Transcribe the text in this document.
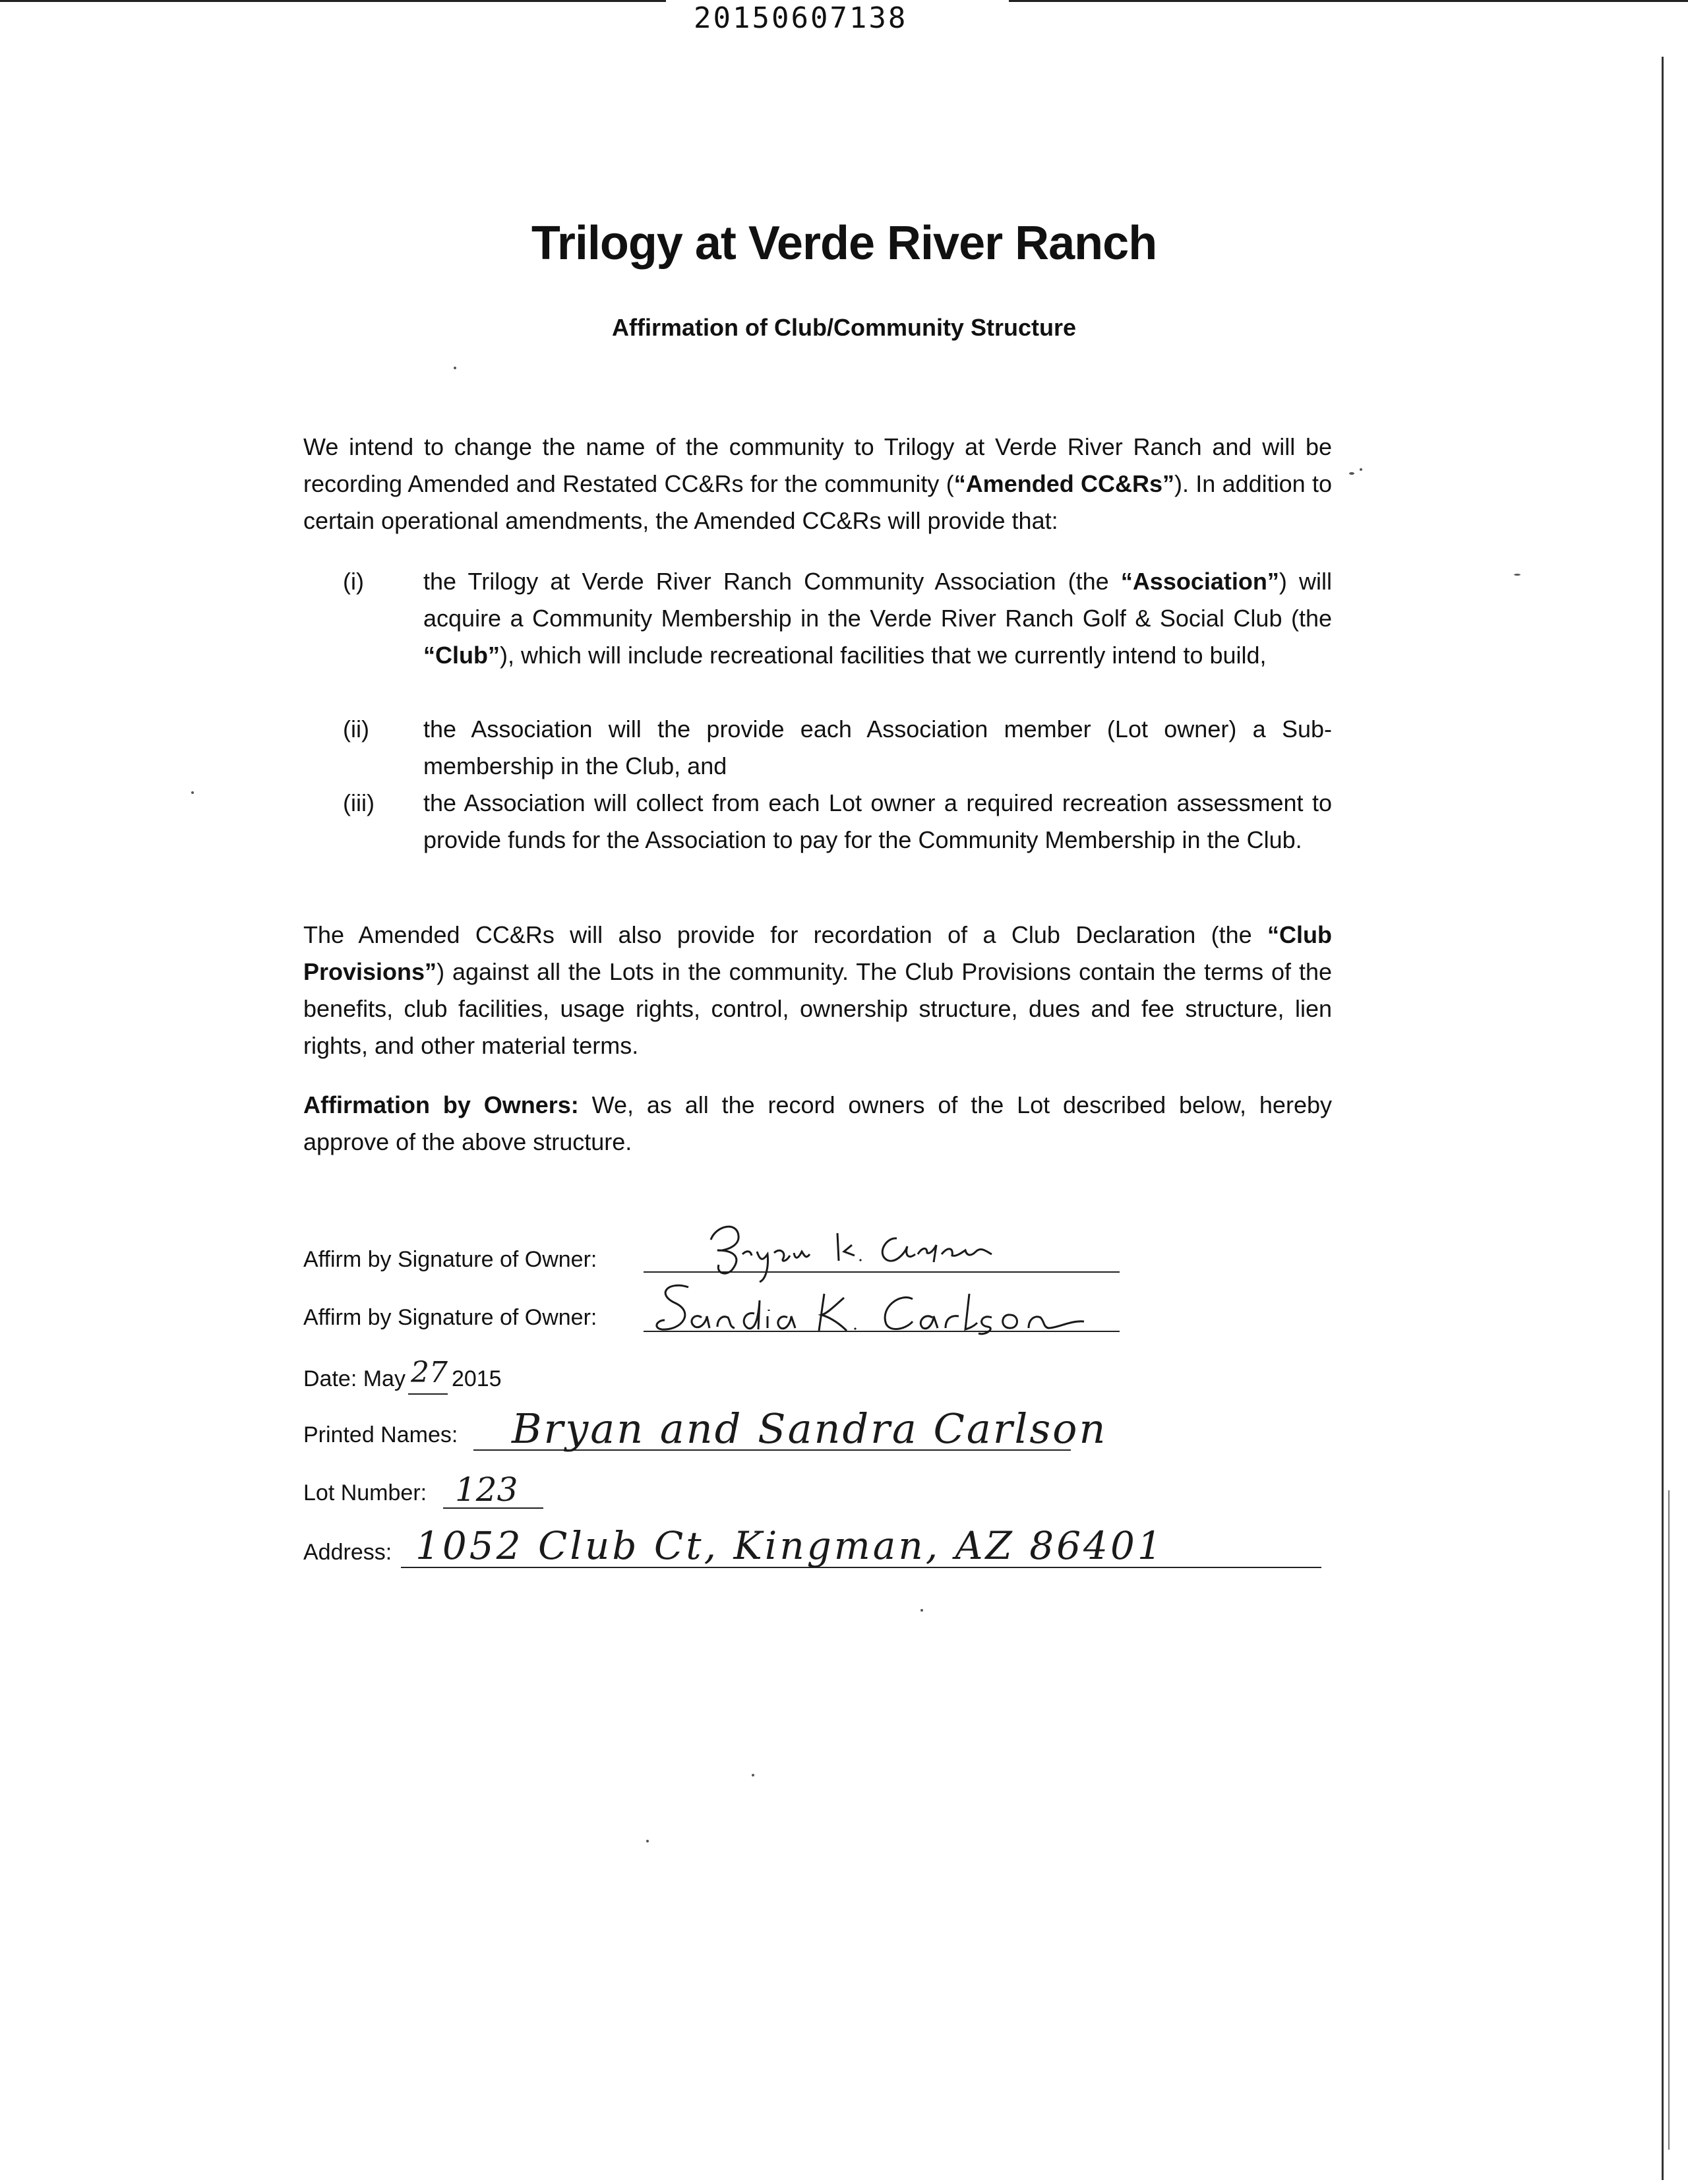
20150607138
Trilogy at Verde River Ranch
Affirmation of Club/Community Structure

We intend to change the name of the community to Trilogy at Verde River Ranch and will be recording Amended and Restated CC&Rs for the community (“Amended CC&Rs”). In addition to certain operational amendments, the Amended CC&Rs will provide that:

(i)	the Trilogy at Verde River Ranch Community Association (the “Association”) will acquire a Community Membership in the Verde River Ranch Golf & Social Club (the “Club”), which will include recreational facilities that we currently intend to build,
(ii)	the Association will the provide each Association member (Lot owner) a Sub-membership in the Club, and
(iii)	the Association will collect from each Lot owner a required recreation assessment to provide funds for the Association to pay for the Community Membership in the Club.

The Amended CC&Rs will also provide for recordation of a Club Declaration (the “Club Provisions”) against all the Lots in the community. The Club Provisions contain the terms of the benefits, club facilities, usage rights, control, ownership structure, dues and fee structure, lien rights, and other material terms.

Affirmation by Owners: We, as all the record owners of the Lot described below, hereby approve of the above structure.

Affirm by Signature of Owner:
Affirm by Signature of Owner:
Date: May 27 2015
Printed Names: Bryan and Sandra Carlson
Lot Number: 123
Address: 1052 Club Ct, Kingman, AZ 86401
